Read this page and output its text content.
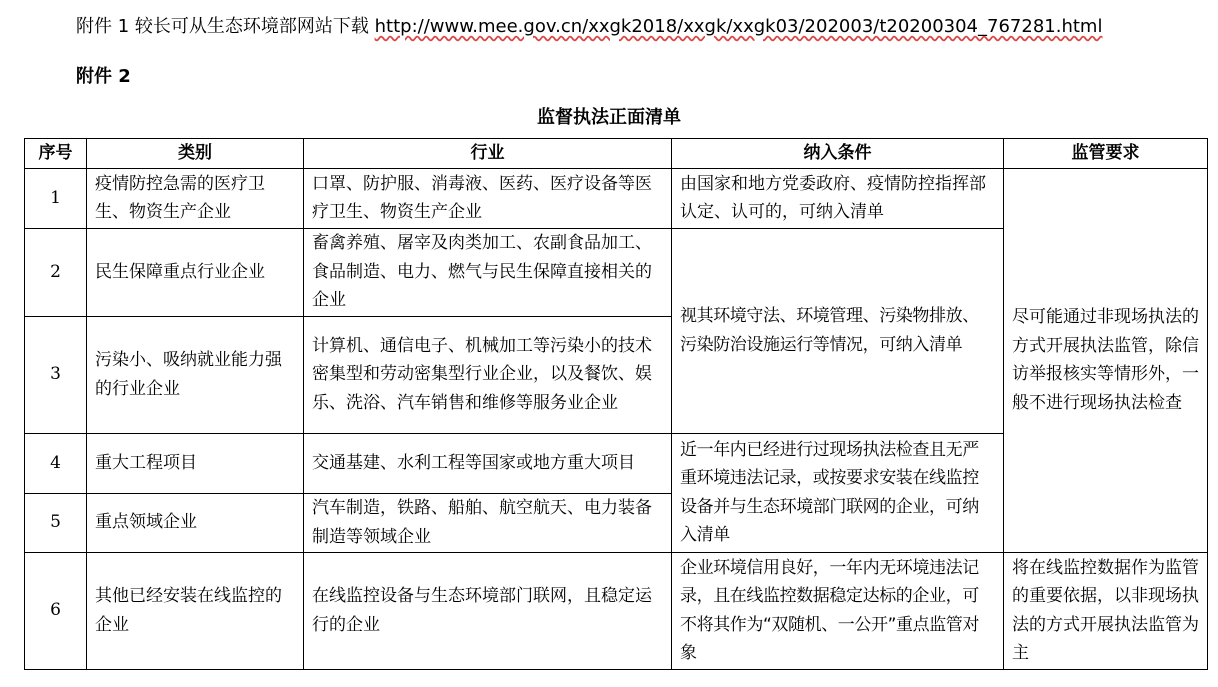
附件 1 较长可从生态环境部网站下载 http://www.mee.gov.cn/xxgk2018/xxgk/xxgk03/202003/t20200304_767281.html
附件 2
监督执法正面清单
序号	类别	行业	纳入条件	监管要求
1	疫情防控急需的医疗卫生、物资生产企业	口罩、防护服、消毒液、医药、医疗设备等医疗卫生、物资生产企业	由国家和地方党委政府、疫情防控指挥部认定、认可的，可纳入清单	尽可能通过非现场执法的方式开展执法监管，除信访举报核实等情形外，一般不进行现场执法检查
2	民生保障重点行业企业	畜禽养殖、屠宰及肉类加工、农副食品加工、食品制造、电力、燃气与民生保障直接相关的企业	视其环境守法、环境管理、污染物排放、污染防治设施运行等情况，可纳入清单	
3	污染小、吸纳就业能力强的行业企业	计算机、通信电子、机械加工等污染小的技术密集型和劳动密集型行业企业，以及餐饮、娱乐、洗浴、汽车销售和维修等服务业企业		
4	重大工程项目	交通基建、水利工程等国家或地方重大项目	近一年内已经进行过现场执法检查且无严重环境违法记录，或按要求安装在线监控设备并与生态环境部门联网的企业，可纳入清单	
5	重点领域企业	汽车制造，铁路、船舶、航空航天、电力装备制造等领域企业		
6	其他已经安装在线监控的企业	在线监控设备与生态环境部门联网，且稳定运行的企业	企业环境信用良好，一年内无环境违法记录，且在线监控数据稳定达标的企业，可不将其作为“双随机、一公开”重点监管对象	将在线监控数据作为监管的重要依据，以非现场执法的方式开展执法监管为主
